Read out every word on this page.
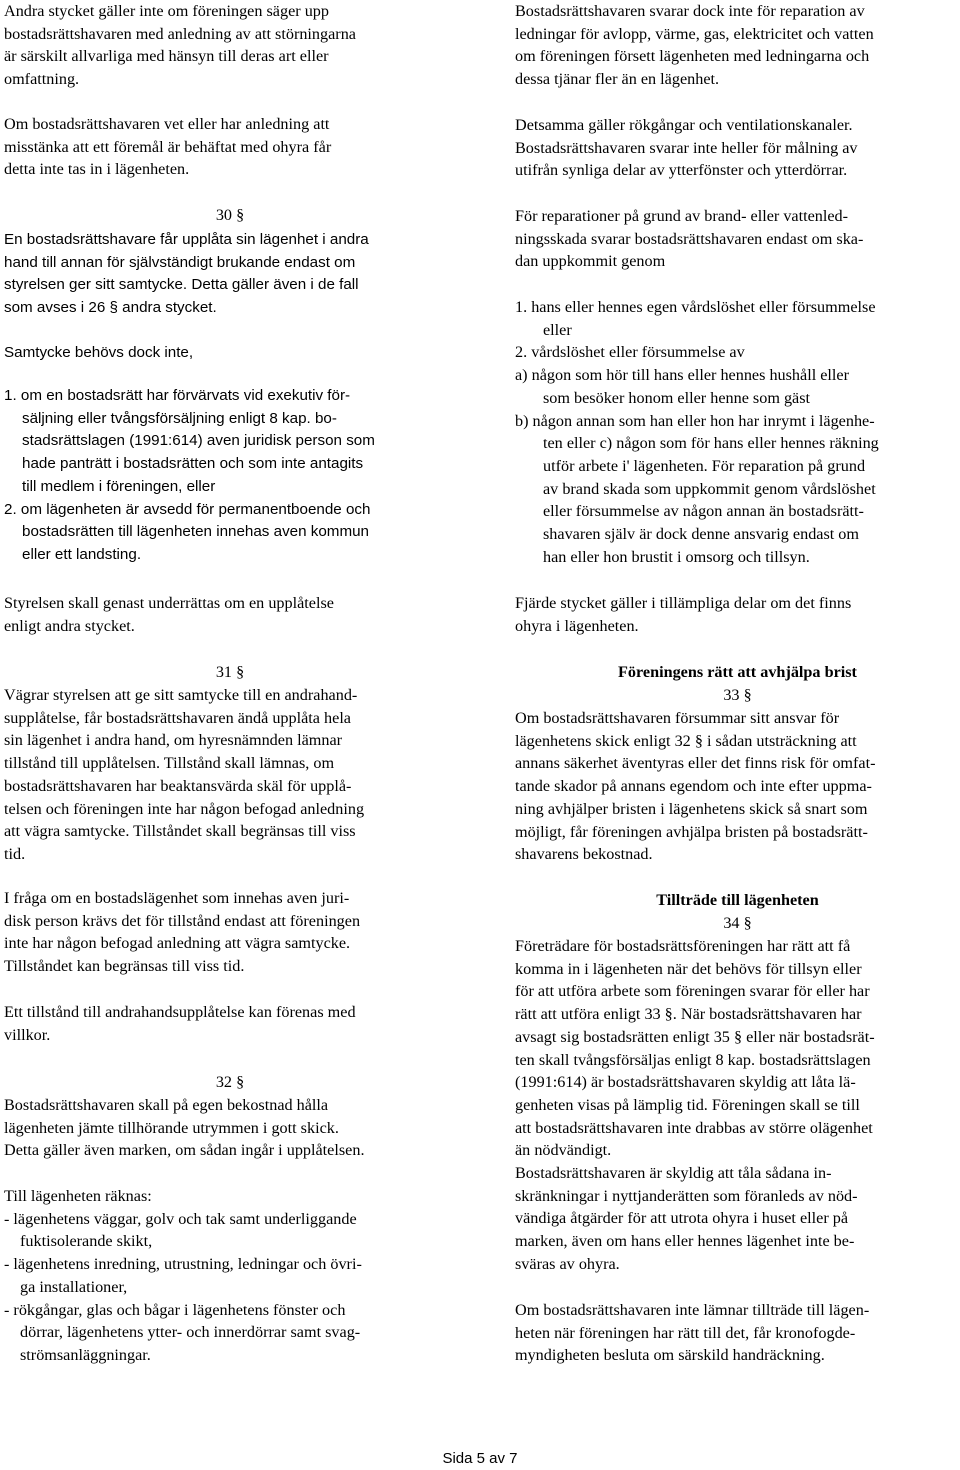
Andra stycket gäller inte om föreningen säger upp
bostadsrättshavaren med anledning av att störningarna
är särskilt allvarliga med hänsyn till deras art eller
omfattning.
Om bostadsrättshavaren vet eller har anledning att
misstänka att ett föremål är behäftat med ohyra får
detta inte tas in i lägenheten.
30 §
En bostadsrättshavare får upplåta sin lägenhet i andra
hand till annan för självständigt brukande endast om
styrelsen ger sitt samtycke. Detta gäller även i de fall
som avses i 26 § andra stycket.
Samtycke behövs dock inte,
1. om en bostadsrätt har förvärvats vid exekutiv för-
säljning eller tvångsförsäljning enligt 8 kap. bo-
stadsrättslagen (1991:614) aven juridisk person som
hade panträtt i bostadsrätten och som inte antagits
till medlem i föreningen, eller
2. om lägenheten är avsedd för permanentboende och
bostadsrätten till lägenheten innehas aven kommun
eller ett landsting.
Styrelsen skall genast underrättas om en upplåtelse
enligt andra stycket.
31 §
Vägrar styrelsen att ge sitt samtycke till en andrahand-
supplåtelse, får bostadsrättshavaren ändå upplåta hela
sin lägenhet i andra hand, om hyresnämnden lämnar
tillstånd till upplåtelsen. Tillstånd skall lämnas, om
bostadsrättshavaren har beaktansvärda skäl för upplå-
telsen och föreningen inte har någon befogad anledning
att vägra samtycke. Tillståndet skall begränsas till viss
tid.
I fråga om en bostadslägenhet som innehas aven juri-
disk person krävs det för tillstånd endast att föreningen
inte har någon befogad anledning att vägra samtycke.
Tillståndet kan begränsas till viss tid.
Ett tillstånd till andrahandsupplåtelse kan förenas med
villkor.
32 §
Bostadsrättshavaren skall på egen bekostnad hålla
lägenheten jämte tillhörande utrymmen i gott skick.
Detta gäller även marken, om sådan ingår i upplåtelsen.
Till lägenheten räknas:
- lägenhetens väggar, golv och tak samt underliggande
fuktisolerande skikt,
- lägenhetens inredning, utrustning, ledningar och övri-
ga installationer,
- rökgångar, glas och bågar i lägenhetens fönster och
dörrar, lägenhetens ytter- och innerdörrar samt svag-
strömsanläggningar.
Bostadsrättshavaren svarar dock inte för reparation av
ledningar för avlopp, värme, gas, elektricitet och vatten
om föreningen försett lägenheten med ledningarna och
dessa tjänar fler än en lägenhet.
Detsamma gäller rökgångar och ventilationskanaler.
Bostadsrättshavaren svarar inte heller för målning av
utifrån synliga delar av ytterfönster och ytterdörrar.
För reparationer på grund av brand- eller vattenled-
ningsskada svarar bostadsrättshavaren endast om ska-
dan uppkommit genom
1. hans eller hennes egen vårdslöshet eller försummelse
eller
2. vårdslöshet eller försummelse av
a) någon som hör till hans eller hennes hushåll eller
som besöker honom eller henne som gäst
b) någon annan som han eller hon har inrymt i lägenhe-
ten eller c) någon som för hans eller hennes räkning
utför arbete i' lägenheten. För reparation på grund
av brand skada som uppkommit genom vårdslöshet
eller försummelse av någon annan än bostadsrätt-
shavaren själv är dock denne ansvarig endast om
han eller hon brustit i omsorg och tillsyn.
Fjärde stycket gäller i tillämpliga delar om det finns
ohyra i lägenheten.
Föreningens rätt att avhjälpa brist
33 §
Om bostadsrättshavaren försummar sitt ansvar för
lägenhetens skick enligt 32 § i sådan utsträckning att
annans säkerhet äventyras eller det finns risk för omfat-
tande skador på annans egendom och inte efter uppma-
ning avhjälper bristen i lägenhetens skick så snart som
möjligt, får föreningen avhjälpa bristen på bostadsrätt-
shavarens bekostnad.
Tillträde till lägenheten
34 §
Företrädare för bostadsrättsföreningen har rätt att få
komma in i lägenheten när det behövs för tillsyn eller
för att utföra arbete som föreningen svarar för eller har
rätt att utföra enligt 33 §. När bostadsrättshavaren har
avsagt sig bostadsrätten enligt 35 § eller när bostadsrät-
ten skall tvångsförsäljas enligt 8 kap. bostadsrättslagen
(1991:614) är bostadsrättshavaren skyldig att låta lä-
genheten visas på lämplig tid. Föreningen skall se till
att bostadsrättshavaren inte drabbas av större olägenhet
än nödvändigt.
Bostadsrättshavaren är skyldig att tåla sådana in-
skränkningar i nyttjanderätten som föranleds av nöd-
vändiga åtgärder för att utrota ohyra i huset eller på
marken, även om hans eller hennes lägenhet inte be-
sväras av ohyra.
Om bostadsrättshavaren inte lämnar tillträde till lägen-
heten när föreningen har rätt till det, får kronofogde-
myndigheten besluta om särskild handräckning.
Sida 5 av 7
